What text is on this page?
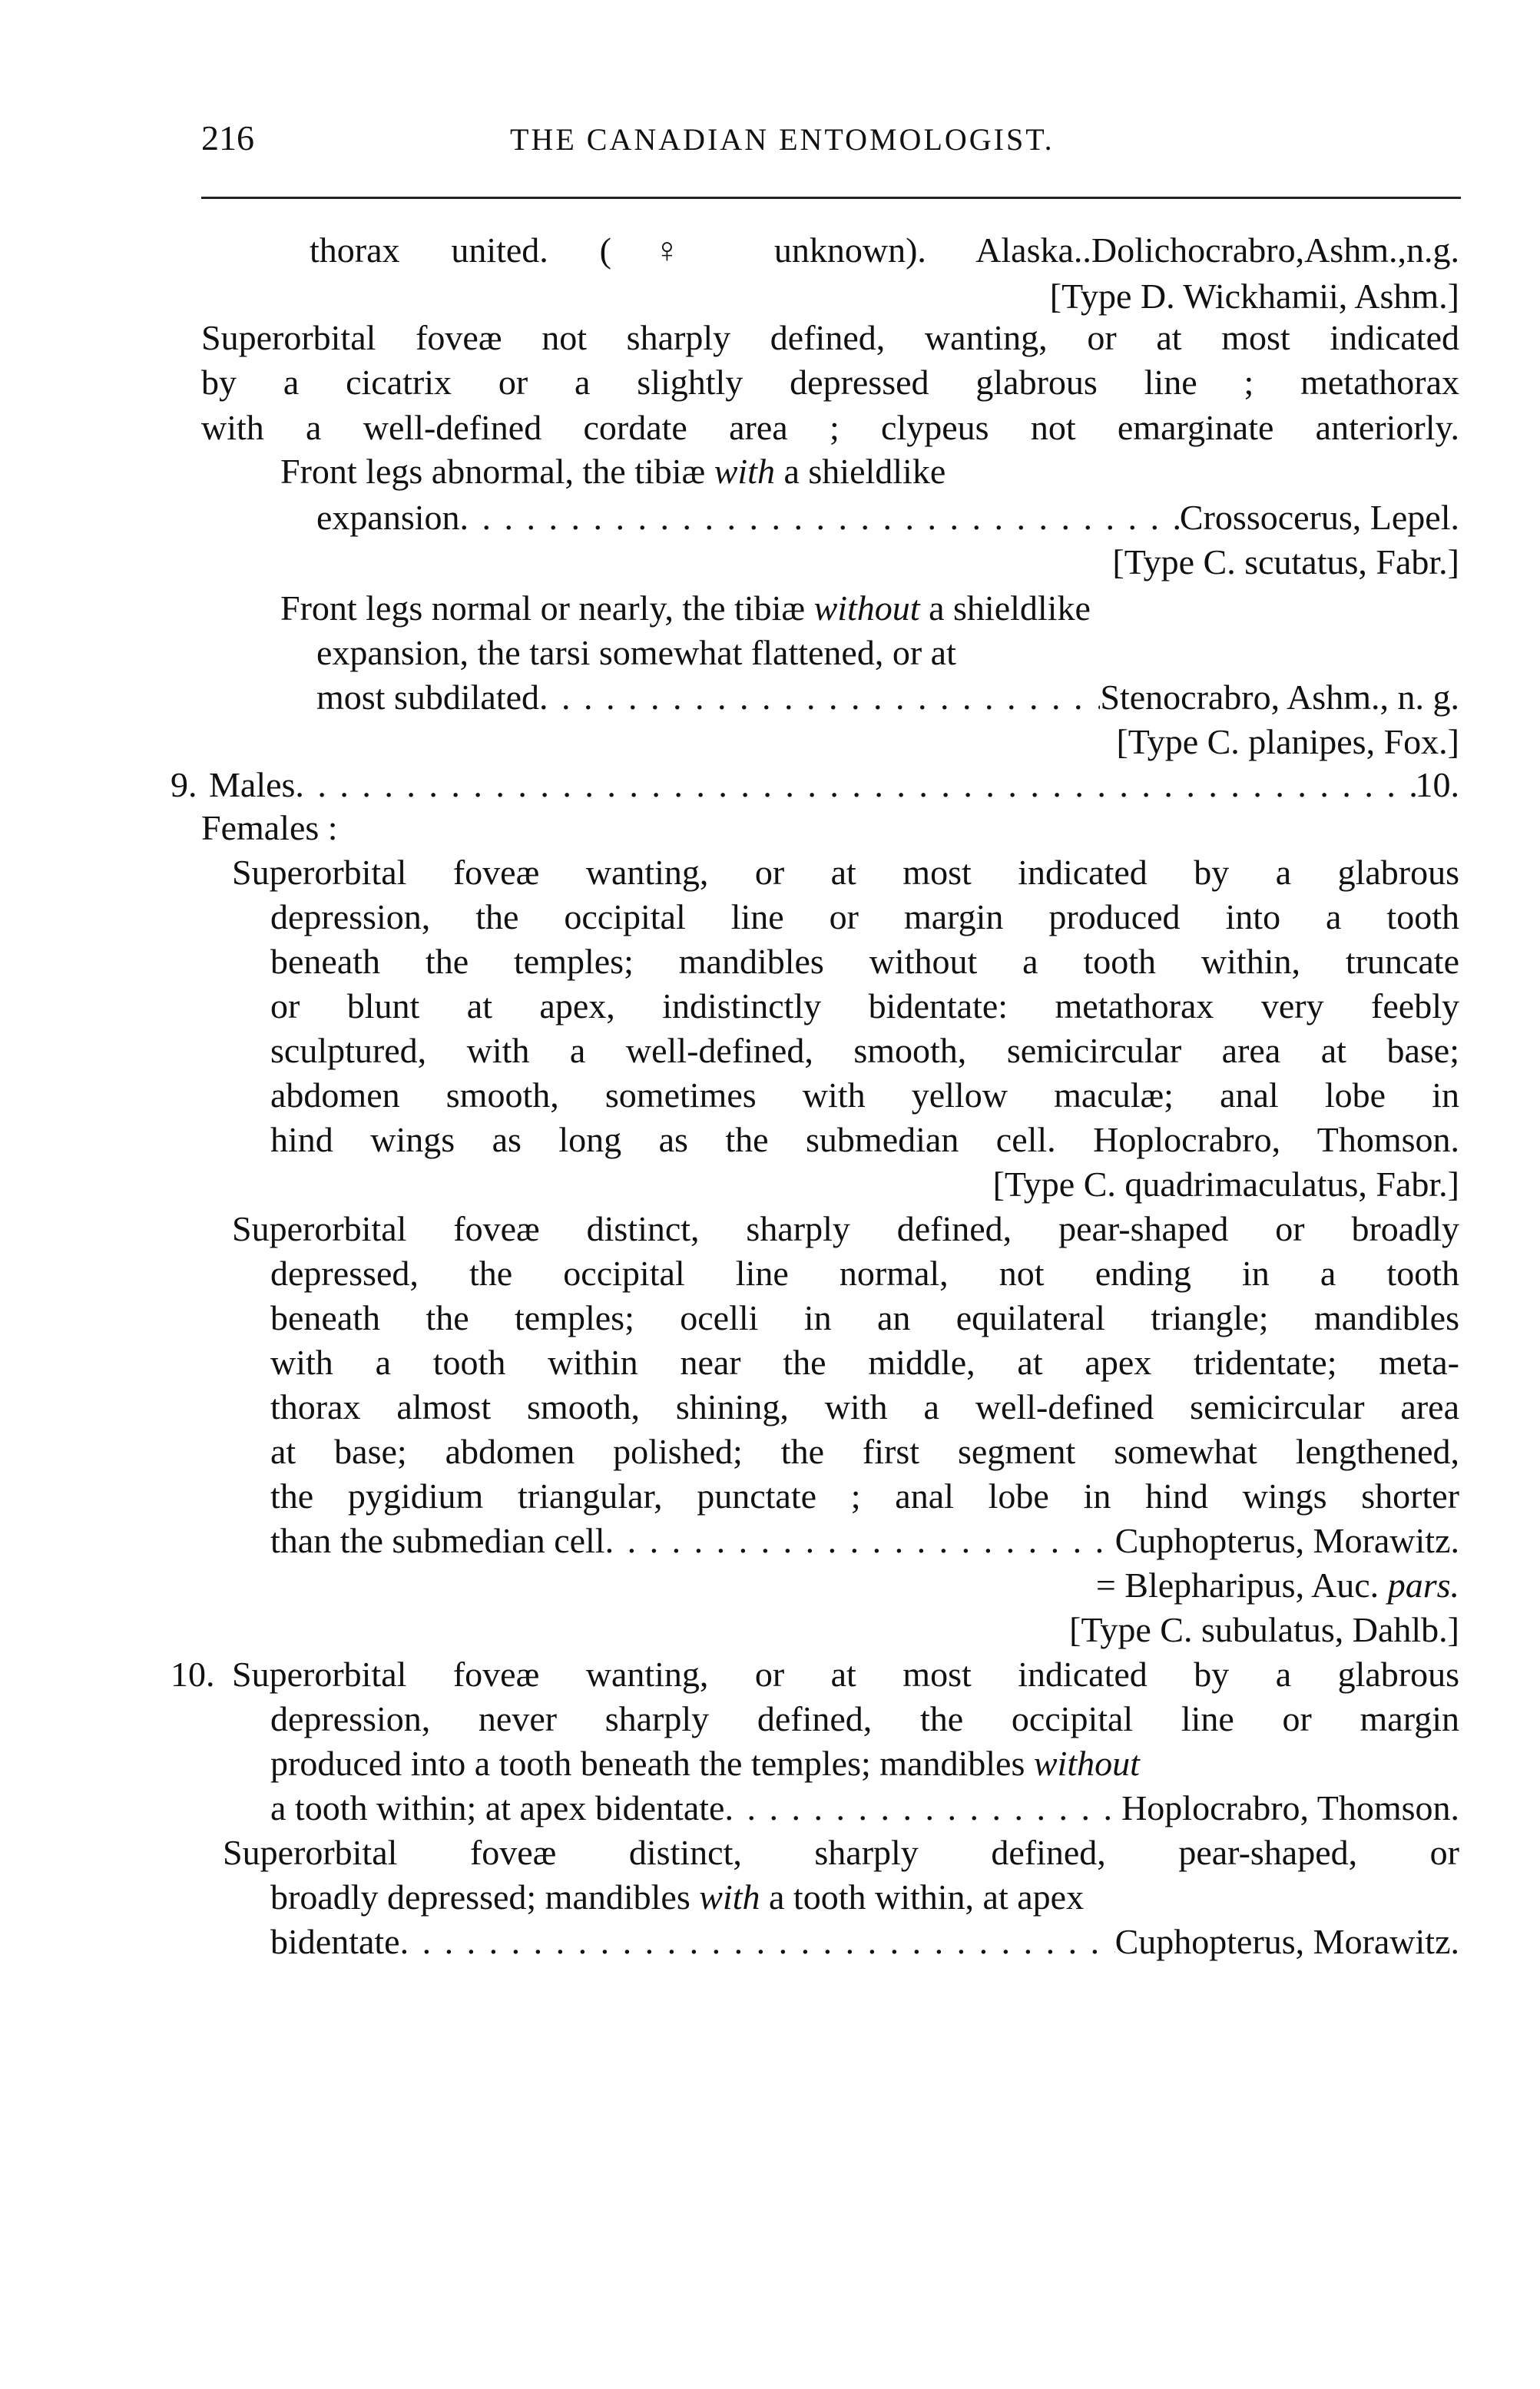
216	THE CANADIAN ENTOMOLOGIST.
thorax united. (♀ unknown). Alaska..Dolichocrabro,Ashm.,n.g.
[Type D. Wickhamii, Ashm.]
Superorbital foveæ not sharply defined, wanting, or at most indicated
by a cicatrix or a slightly depressed glabrous line ; metathorax
with a well-defined cordate area ; clypeus not emarginate anteriorly.
Front legs abnormal, the tibiæ with a shieldlike
expansion . . .	Crossocerus, Lepel.
[Type C. scutatus, Fabr.]
Front legs normal or nearly, the tibiæ without a shieldlike
expansion, the tarsi somewhat flattened, or at
most subdilated . . .	Stenocrabro, Ashm., n. g.
[Type C. planipes, Fox.]
9. Males . . .	10.
Females :
Superorbital foveæ wanting, or at most indicated by a glabrous
depression, the occipital line or margin produced into a tooth
beneath the temples; mandibles without a tooth within, truncate
or blunt at apex, indistinctly bidentate: metathorax very feebly
sculptured, with a well-defined, smooth, semicircular area at base;
abdomen smooth, sometimes with yellow maculæ; anal lobe in
hind wings as long as the submedian cell. Hoplocrabro, Thomson.
[Type C. quadrimaculatus, Fabr.]
Superorbital foveæ distinct, sharply defined, pear-shaped or broadly
depressed, the occipital line normal, not ending in a tooth
beneath the temples; ocelli in an equilateral triangle; mandibles
with a tooth within near the middle, at apex tridentate; meta-
thorax almost smooth, shining, with a well-defined semicircular area
at base; abdomen polished; the first segment somewhat lengthened,
the pygidium triangular, punctate ; anal lobe in hind wings shorter
than the submedian cell . . .	Cuphopterus, Morawitz.
= Blepharipus, Auc. pars.
[Type C. subulatus, Dahlb.]
10. Superorbital foveæ wanting, or at most indicated by a glabrous
depression, never sharply defined, the occipital line or margin
produced into a tooth beneath the temples; mandibles without
a tooth within; at apex bidentate . . .	Hoplocrabro, Thomson.
Superorbital foveæ distinct, sharply defined, pear-shaped, or
broadly depressed; mandibles with a tooth within, at apex
bidentate . . .	Cuphopterus, Morawitz.
